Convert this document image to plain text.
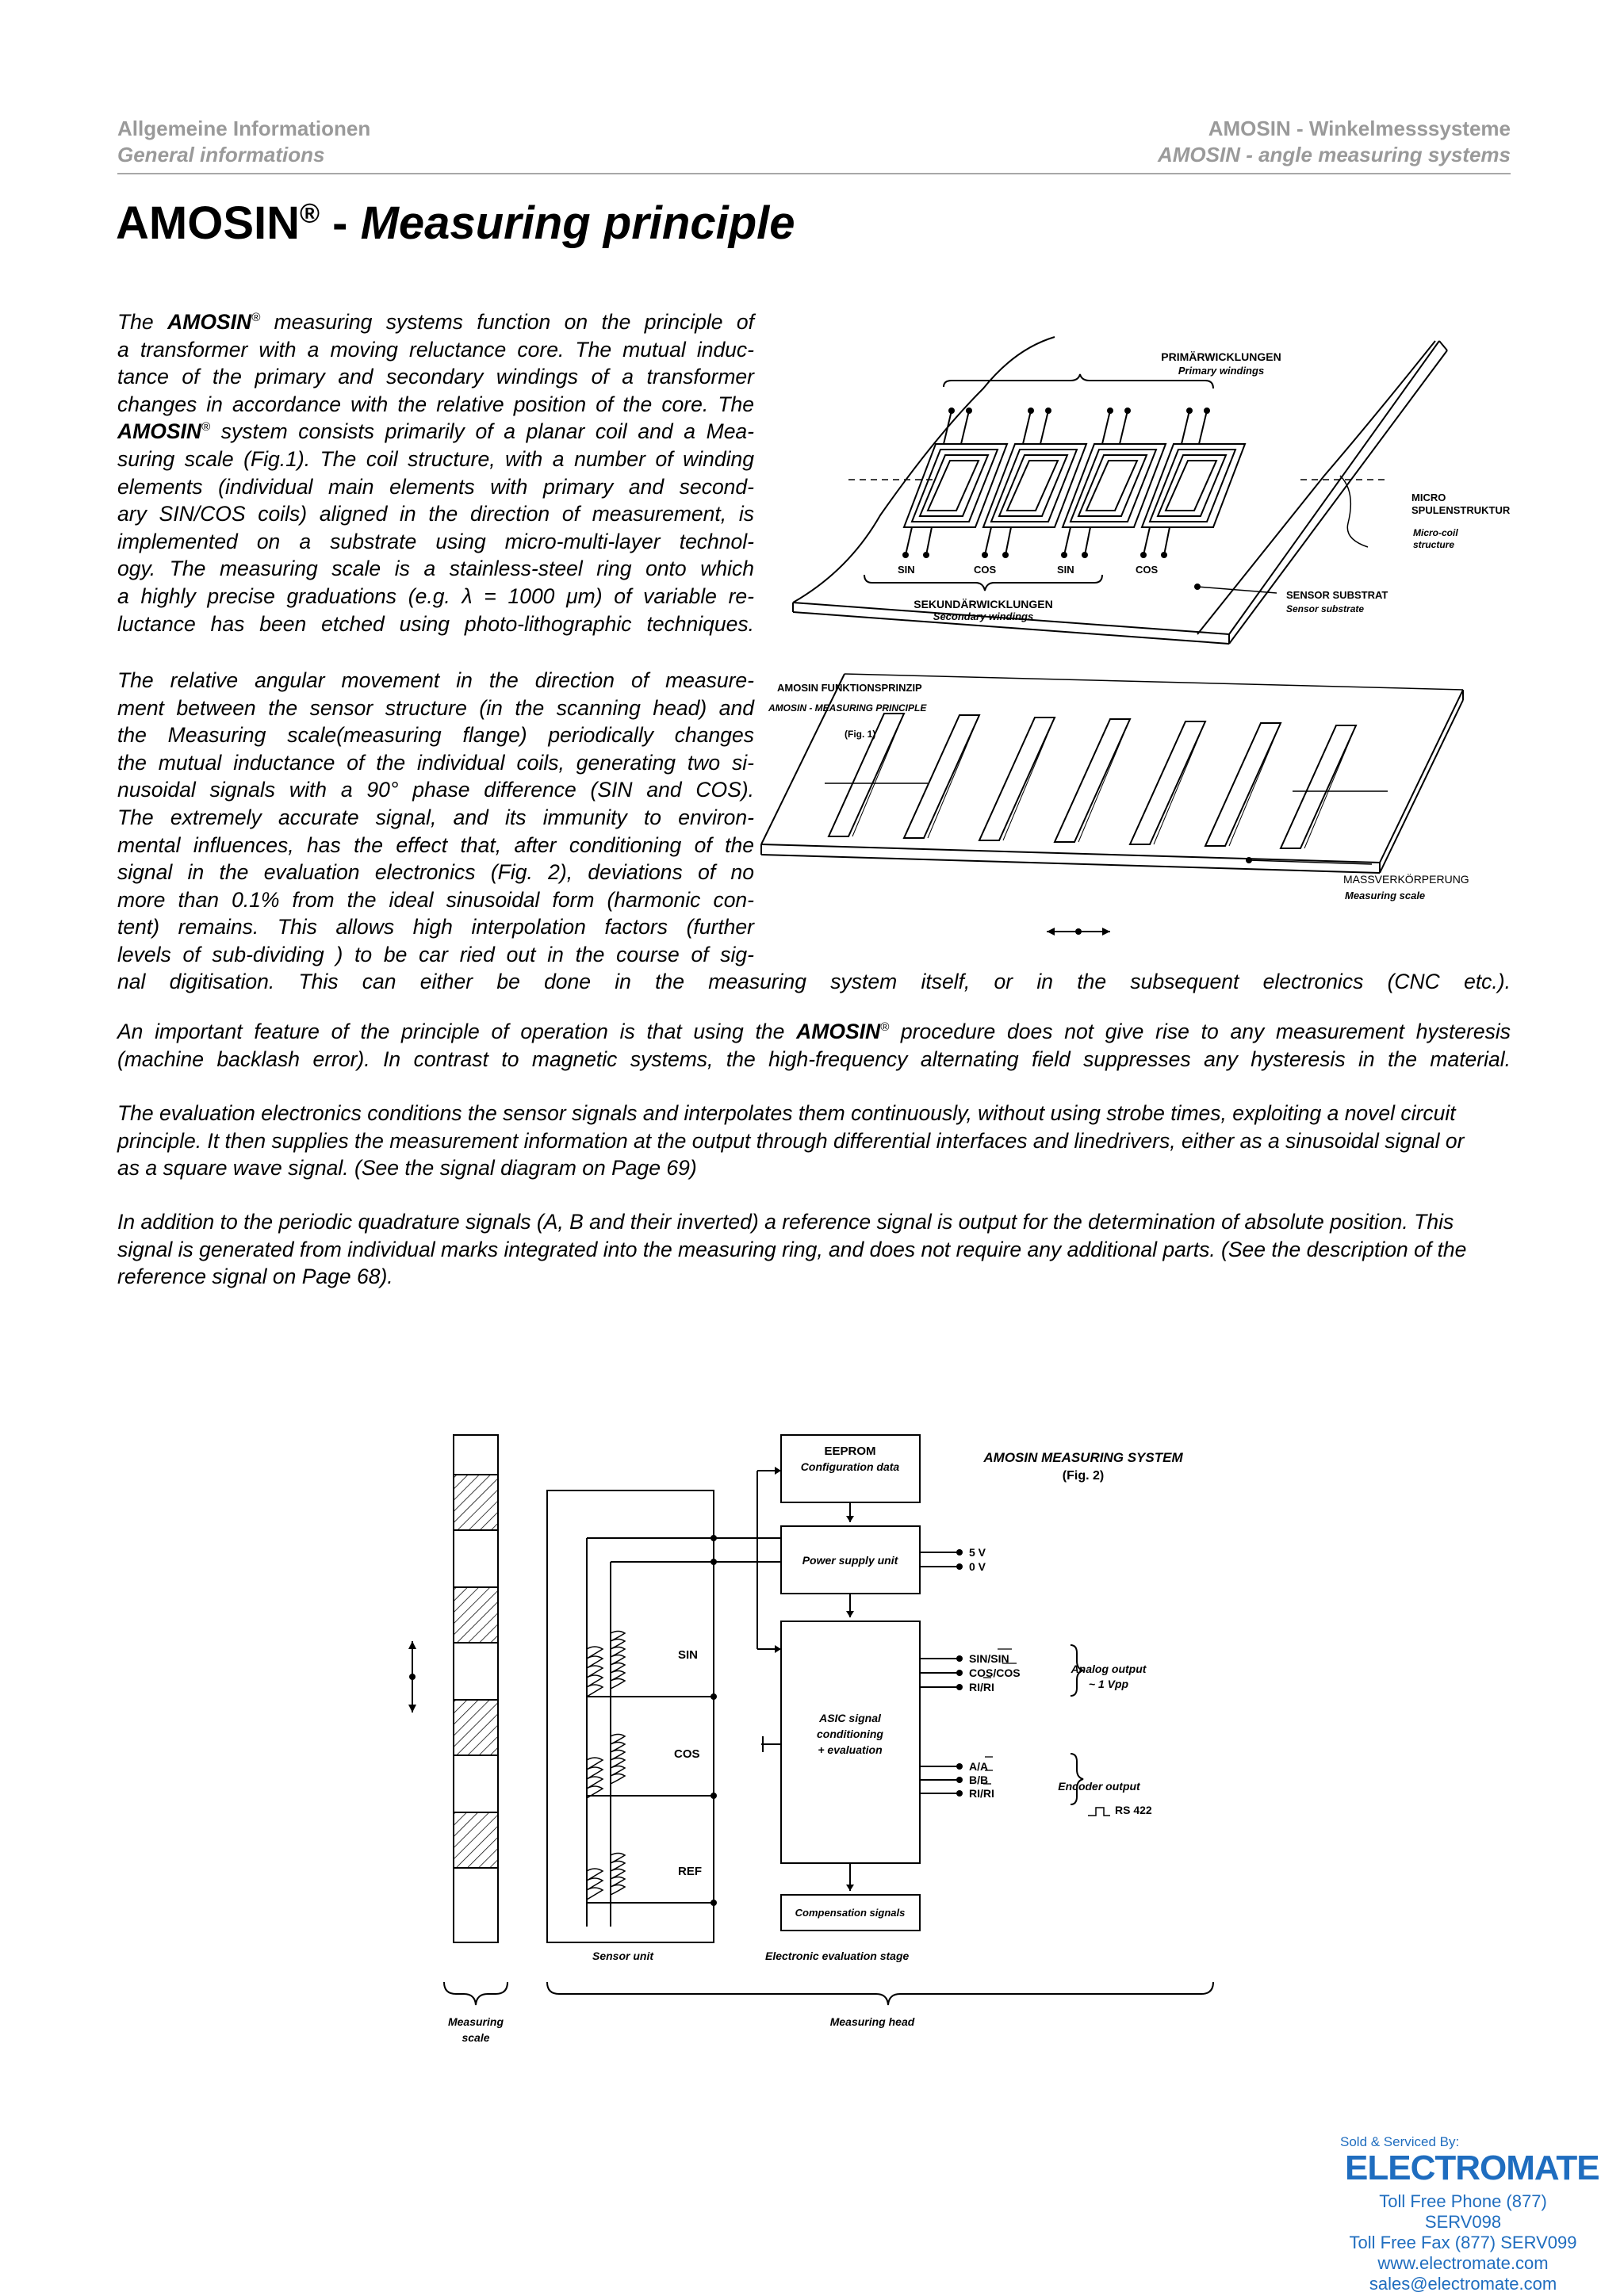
Allgemeine Informationen
General informations
AMOSIN - Winkelmesssysteme
AMOSIN - angle measuring systems
AMOSIN® - Measuring principle
The AMOSIN® measuring systems function on the principle of
a transformer with a moving reluctance core. The mutual induc-
tance of the primary and secondary windings of a transformer
changes in accordance with the relative position of the core. The
AMOSIN® system consists primarily of a planar coil and a Mea-
suring scale (Fig.1). The coil structure, with a number of winding
elements (individual main elements with primary and second-
ary SIN/COS coils) aligned in the direction of measurement, is
implemented on a substrate using micro-multi-layer technol-
ogy. The measuring scale is a stainless-steel ring onto which
a highly precise graduations (e.g. λ = 1000 μm) of variable re-
luctance has been etched using photo-lithographic techniques.
The relative angular movement in the direction of measure-
ment between the sensor structure (in the scanning head) and
the Measuring scale(measuring flange) periodically changes
the mutual inductance of the individual coils, generating two si-
nusoidal signals with a 90° phase difference (SIN and COS).
The extremely accurate signal, and its immunity to environ-
mental influences, has the effect that, after conditioning of the
signal in the evaluation electronics (Fig. 2), deviations of no
more than 0.1% from the ideal sinusoidal form (harmonic con-
tent) remains. This allows high interpolation factors (further
levels of sub-dividing ) to be car ried out in the course of sig-
nal digitisation. This can either be done in the measuring system itself, or in the subsequent electronics (CNC etc.).
An important feature of the principle of operation is that using the AMOSIN® procedure does not give rise to any measurement hysteresis
(machine backlash error). In contrast to magnetic systems, the high-frequency alternating field suppresses any hysteresis in the material.
The evaluation electronics conditions the sensor signals and interpolates them continuously, without using strobe times, exploiting a novel circuit
principle. It then supplies the measurement information at the output through differential interfaces and linedrivers, either as a sinusoidal signal or
as a square wave signal. (See the signal diagram on Page 69)
In addition to the periodic quadrature signals (A, B and their inverted) a reference signal is output for the determination of absolute position. This
signal is generated from individual marks integrated into the measuring ring, and does not require any additional parts. (See the description of the
reference signal on Page 68).
PRIMÄRWICKLUNGEN
Primary windings
MICRO
SPULENSTRUKTUR
Micro-coil
structure
SIN	COS	SIN	COS
SEKUNDÄRWICKLUNGEN
Secondary windings
SENSOR SUBSTRAT
Sensor substrate
AMOSIN FUNKTIONSPRINZIP
AMOSIN - MEASURING PRINCIPLE
(Fig. 1)
MASSVERKÖRPERUNG
Measuring scale
EEPROM
Configuration data
AMOSIN MEASURING SYSTEM
(Fig. 2)
Power supply unit
5 V
0 V
SIN
COS
REF
ASIC signal
conditioning
+ evaluation
SIN/SIN
COS/COS
RI/RI
Analog output
~ 1 Vpp
A/A
B/B
RI/RI
Encoder output
RS 422
Compensation signals
Sensor unit	Electronic evaluation stage
Measuring
scale
Measuring head
Sold & Serviced By:
ELECTROMATE
Toll Free Phone (877) SERV098
Toll Free Fax (877) SERV099
www.electromate.com
sales@electromate.com
